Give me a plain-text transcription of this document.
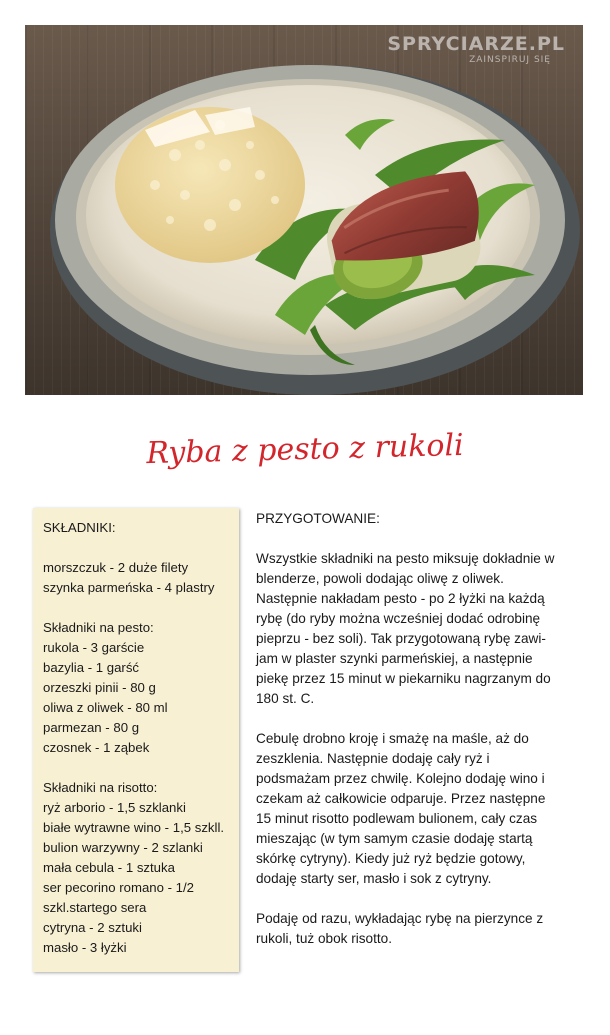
SPRYCIARZE.PL
ZAINSPIRUJ SIĘ
Ryba z pesto z rukoli
SKŁADNIKI:
morszczuk - 2 duże filety
szynka parmeńska - 4 plastry
Składniki na pesto:
rukola - 3 garście
bazylia - 1 garść
orzeszki pinii - 80 g
oliwa z oliwek - 80 ml
parmezan - 80 g
czosnek - 1 ząbek
Składniki na risotto:
ryż arborio - 1,5 szklanki
białe wytrawne wino - 1,5 szkll.
bulion warzywny - 2 szlanki
mała cebula - 1 sztuka
ser pecorino romano - 1/2
szkl.startego sera
cytryna - 2 sztuki
masło - 3 łyżki
PRZYGOTOWANIE:

Wszystkie składniki na pesto miksuję dokładnie w
blenderze, powoli dodając oliwę z oliwek.
Następnie nakładam pesto - po 2 łyżki na każdą
rybę (do ryby można wcześniej dodać odrobinę
pieprzu - bez soli). Tak przygotowaną rybę zawi-
jam w plaster szynki parmeńskiej, a następnie
piekę przez 15 minut w piekarniku nagrzanym do
180 st. C.

Cebulę drobno kroję i smażę na maśle, aż do
zeszklenia. Następnie dodaję cały ryż i
podsmażam przez chwilę. Kolejno dodaję wino i
czekam aż całkowicie odparuje. Przez następne
15 minut risotto podlewam bulionem, cały czas
mieszając (w tym samym czasie dodaję startą
skórkę cytryny). Kiedy już ryż będzie gotowy,
dodaję starty ser, masło i sok z cytryny.

Podaję od razu, wykładając rybę na pierzynce z
rukoli, tuż obok risotto.
